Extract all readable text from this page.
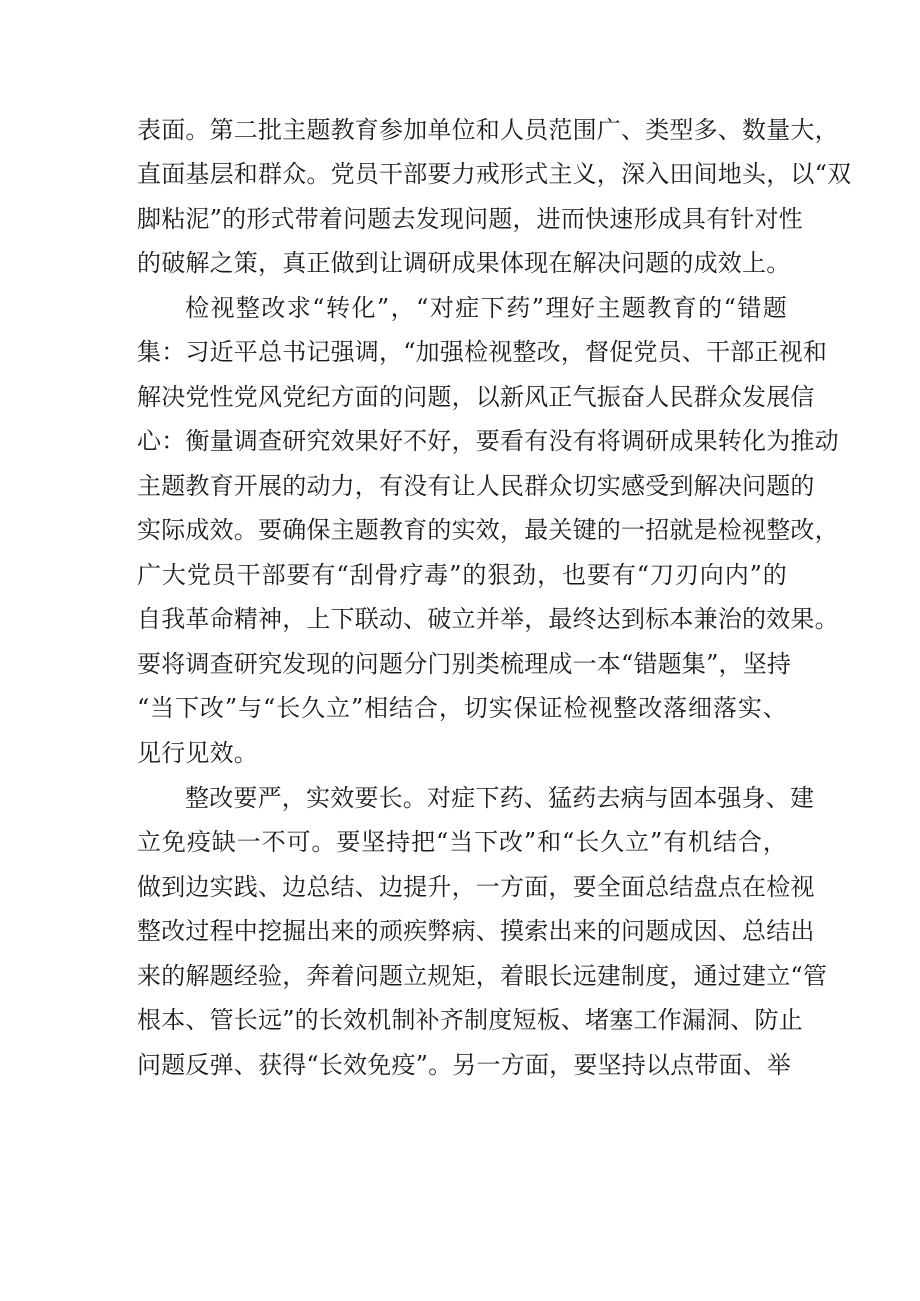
表面。第二批主题教育参加单位和人员范围广、类型多、数量大，
直面基层和群众。党员干部要力戒形式主义，深入田间地头，以“双
脚粘泥”的形式带着问题去发现问题，进而快速形成具有针对性
的破解之策，真正做到让调研成果体现在解决问题的成效上。
检视整改求“转化”，“对症下药”理好主题教育的“错题
集：习近平总书记强调，“加强检视整改，督促党员、干部正视和
解决党性党风党纪方面的问题，以新风正气振奋人民群众发展信
心：衡量调查研究效果好不好，要看有没有将调研成果转化为推动
主题教育开展的动力，有没有让人民群众切实感受到解决问题的
实际成效。要确保主题教育的实效，最关键的一招就是检视整改，
广大党员干部要有“刮骨疗毒”的狠劲，也要有“刀刃向内”的
自我革命精神，上下联动、破立并举，最终达到标本兼治的效果。
要将调查研究发现的问题分门别类梳理成一本“错题集”，坚持
“当下改”与“长久立”相结合，切实保证检视整改落细落实、
见行见效。
整改要严，实效要长。对症下药、猛药去病与固本强身、建
立免疫缺一不可。要坚持把“当下改”和“长久立”有机结合，
做到边实践、边总结、边提升，一方面，要全面总结盘点在检视
整改过程中挖掘出来的顽疾弊病、摸索出来的问题成因、总结出
来的解题经验，奔着问题立规矩，着眼长远建制度，通过建立“管
根本、管长远”的长效机制补齐制度短板、堵塞工作漏洞、防止
问题反弹、获得“长效免疫”。另一方面，要坚持以点带面、举
